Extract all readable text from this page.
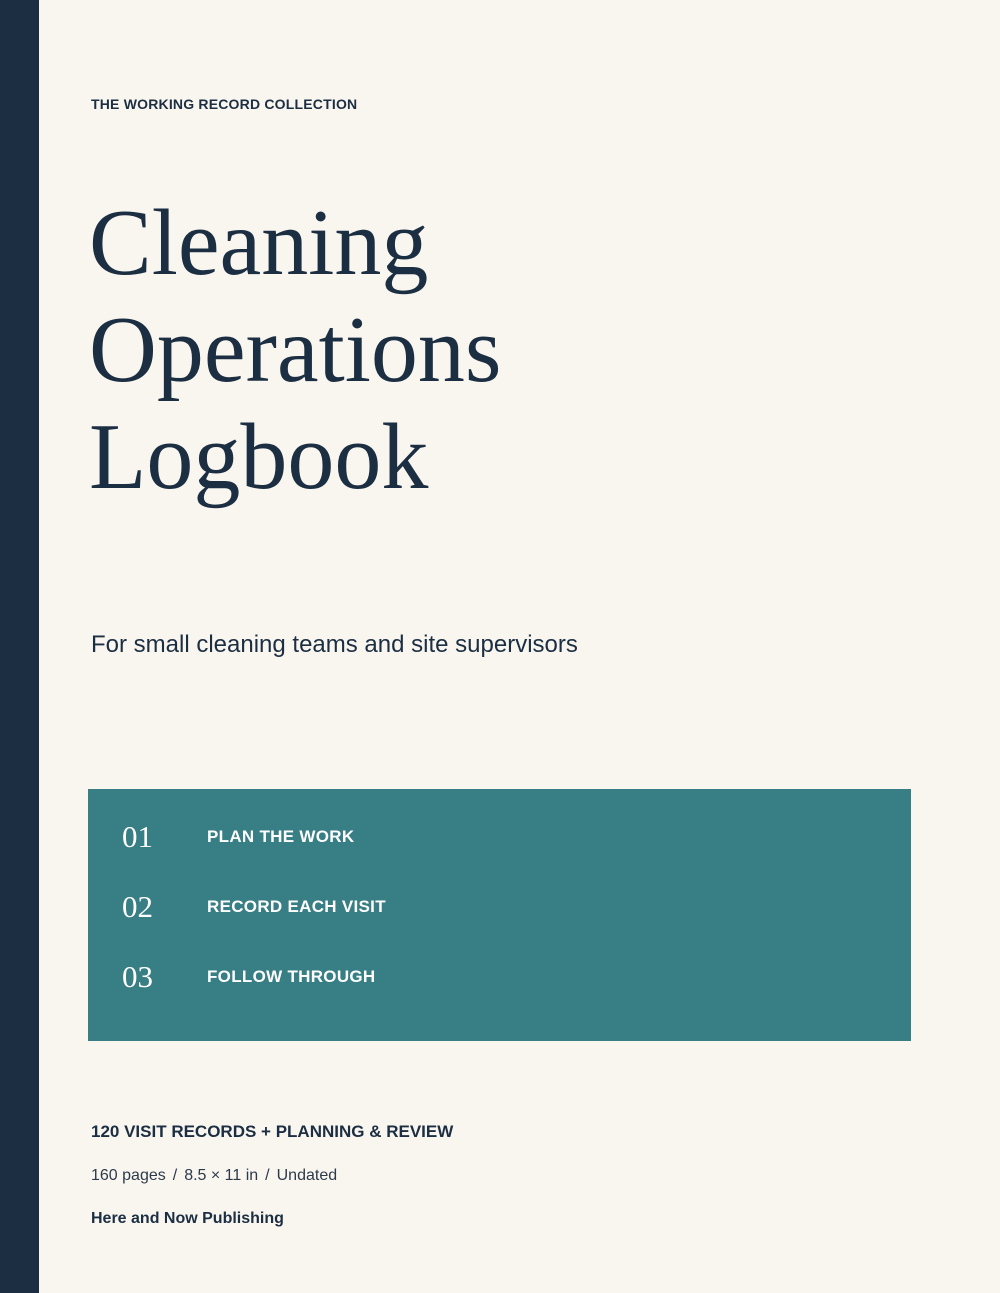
THE WORKING RECORD COLLECTION
Cleaning
Operations
Logbook
For small cleaning teams and site supervisors
01	PLAN THE WORK
02	RECORD EACH VISIT
03	FOLLOW THROUGH
120 VISIT RECORDS + PLANNING & REVIEW
160 pages / 8.5 × 11 in / Undated
Here and Now Publishing
